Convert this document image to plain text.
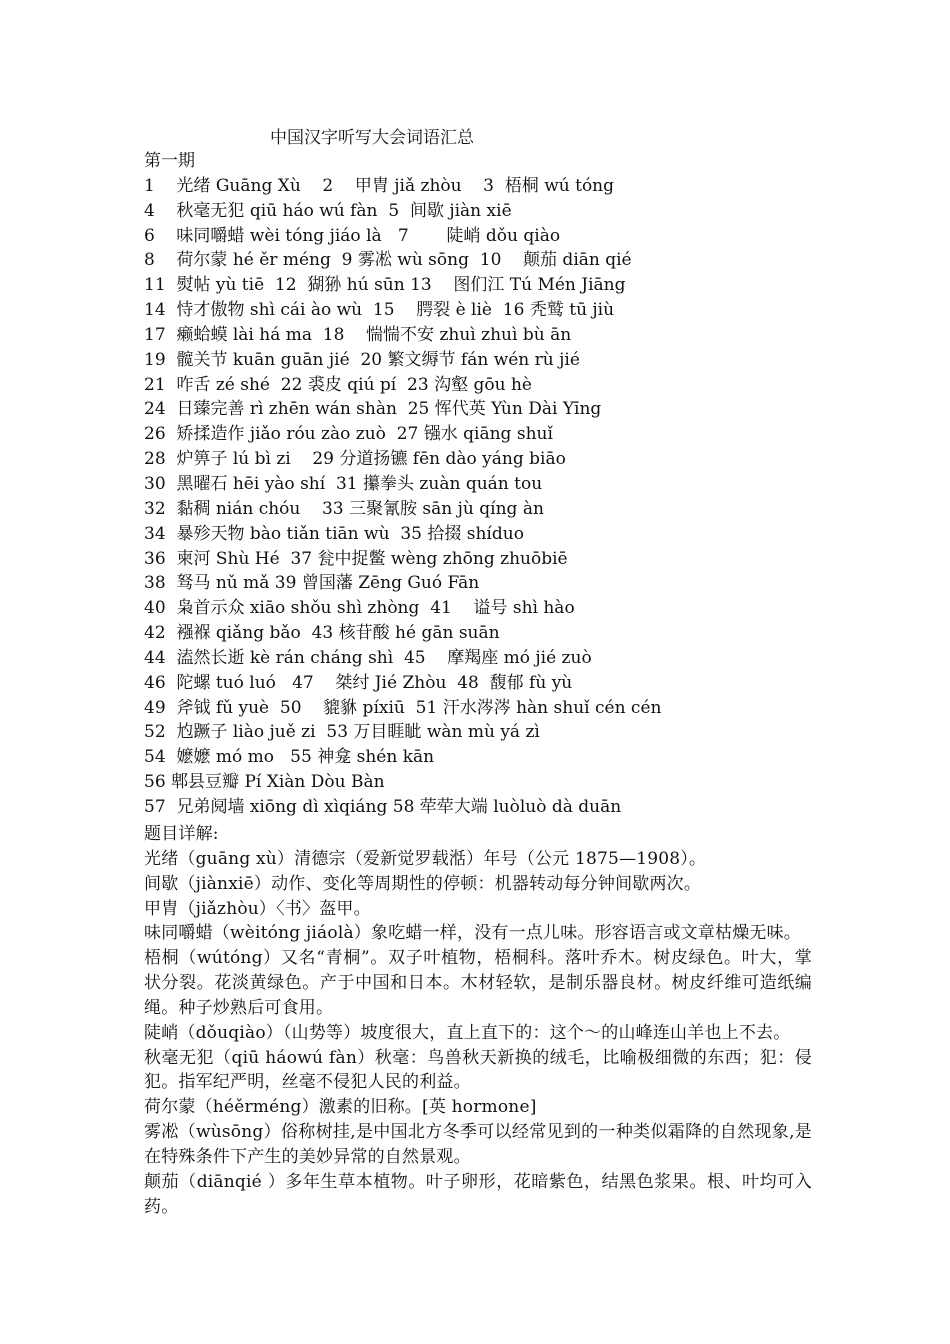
中国汉字听写大会词语汇总
第一期
1    光绪 Guāng Xù    2    甲胄 jiǎ zhòu    3  梧桐 wú tóng
4    秋毫无犯 qiū háo wú fàn  5  间歇 jiàn xiē
6    味同嚼蜡 wèi tóng jiáo là   7       陡峭 dǒu qiào
8    荷尔蒙 hé ěr méng  9 雾凇 wù sōng  10    颠茄 diān qié
11  熨帖 yù tiē  12  猢狲 hú sūn 13    图们江 Tú Mén Jiāng
14  恃才傲物 shì cái ào wù  15    腭裂 è liè  16 秃鹫 tū jiù
17  癞蛤蟆 lài há ma  18    惴惴不安 zhuì zhuì bù ān
19  髋关节 kuān guān jié  20 繁文缛节 fán wén rù jié
21  咋舌 zé shé  22 裘皮 qiú pí  23 沟壑 gōu hè
24  日臻完善 rì zhēn wán shàn  25 恽代英 Yùn Dài Yīng
26  矫揉造作 jiǎo róu zào zuò  27 镪水 qiāng shuǐ
28  炉箅子 lú bì zi    29 分道扬镳 fēn dào yáng biāo
30  黑曜石 hēi yào shí  31 攥拳头 zuàn quán tou
32  黏稠 nián chóu    33 三聚氰胺 sān jù qíng àn
34  暴殄天物 bào tiǎn tiān wù  35 拾掇 shíduo
36  柬河 Shù Hé  37 瓮中捉鳖 wèng zhōng zhuōbiē
38  驽马 nǔ mǎ 39 曾国藩 Zēng Guó Fān
40  枭首示众 xiāo shǒu shì zhòng  41    谥号 shì hào
42  襁褓 qiǎng bǎo  43 核苷酸 hé gān suān
44  溘然长逝 kè rán cháng shì  45    摩羯座 mó jié zuò
46  陀螺 tuó luó   47    桀纣 Jié Zhòu  48  馥郁 fù yù
49  斧钺 fǔ yuè  50    貔貅 píxiū  51 汗水涔涔 hàn shuǐ cén cén
52  尥蹶子 liào juě zi  53 万目睚眦 wàn mù yá zì
54  嬷嬷 mó mo   55 神龛 shén kān
56 郫县豆瓣 Pí Xiàn Dòu Bàn
57  兄弟阋墙 xiōng dì xìqiáng 58 荦荦大端 luòluò dà duān

题目详解:

光绪（guāng xù）清德宗（爱新觉罗载湉）年号（公元 1875—1908）。

间歇（jiànxiē）动作、变化等周期性的停顿：机器转动每分钟间歇两次。

甲胄（jiǎzhòu）〈书〉盔甲。

味同嚼蜡（wèitóng jiáolà）象吃蜡一样，没有一点儿味。形容语言或文章枯燥无味。

梧桐（wútóng）又名“青桐”。双子叶植物，梧桐科。落叶乔木。树皮绿色。叶大，掌状分裂。花淡黄绿色。产于中国和日本。木材轻软，是制乐器良材。树皮纤维可造纸编绳。种子炒熟后可食用。

陡峭（dǒuqiào）（山势等）坡度很大，直上直下的：这个～的山峰连山羊也上不去。

秋毫无犯（qiū háowú fàn）秋毫：鸟兽秋天新换的绒毛，比喻极细微的东西；犯：侵犯。指军纪严明，丝毫不侵犯人民的利益。

荷尔蒙（héěrméng）激素的旧称。[英 hormone]

雾凇（wùsōng）俗称树挂,是中国北方冬季可以经常见到的一种类似霜降的自然现象,是在特殊条件下产生的美妙异常的自然景观。

颠茄（diānqié ）多年生草本植物。叶子卵形，花暗紫色，结黑色浆果。根、叶均可入药。
